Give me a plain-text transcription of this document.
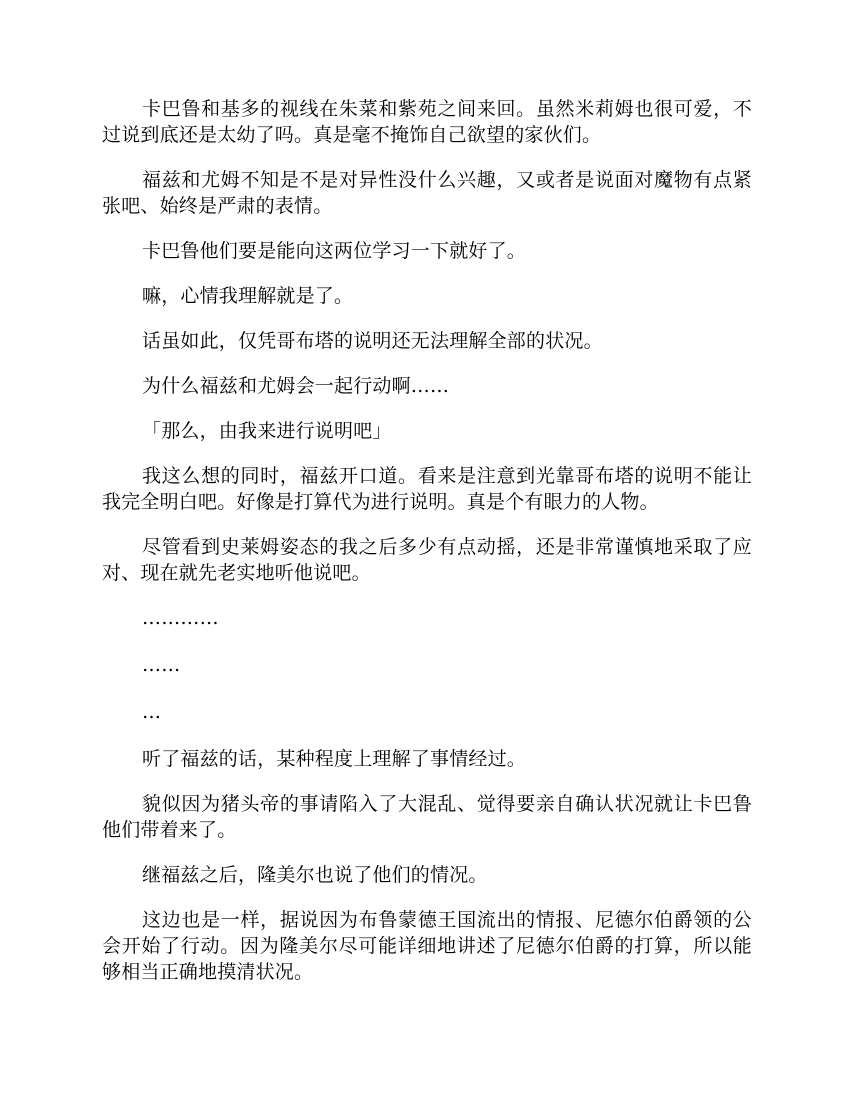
卡巴鲁和基多的视线在朱菜和紫苑之间来回。虽然米莉姆也很可爱，不过说到底还是太幼了吗。真是毫不掩饰自己欲望的家伙们。

福兹和尤姆不知是不是对异性没什么兴趣，又或者是说面对魔物有点紧张吧、始终是严肃的表情。

卡巴鲁他们要是能向这两位学习一下就好了。

嘛，心情我理解就是了。

话虽如此，仅凭哥布塔的说明还无法理解全部的状况。

为什么福兹和尤姆会一起行动啊……

「那么，由我来进行说明吧」

我这么想的同时，福兹开口道。看来是注意到光靠哥布塔的说明不能让我完全明白吧。好像是打算代为进行说明。真是个有眼力的人物。

尽管看到史莱姆姿态的我之后多少有点动摇，还是非常谨慎地采取了应对、现在就先老实地听他说吧。

…………

……

…

听了福兹的话，某种程度上理解了事情经过。

貌似因为猪头帝的事请陷入了大混乱、觉得要亲自确认状况就让卡巴鲁他们带着来了。

继福兹之后，隆美尔也说了他们的情况。

这边也是一样，据说因为布鲁蒙德王国流出的情报、尼德尔伯爵领的公会开始了行动。因为隆美尔尽可能详细地讲述了尼德尔伯爵的打算，所以能够相当正确地摸清状况。
